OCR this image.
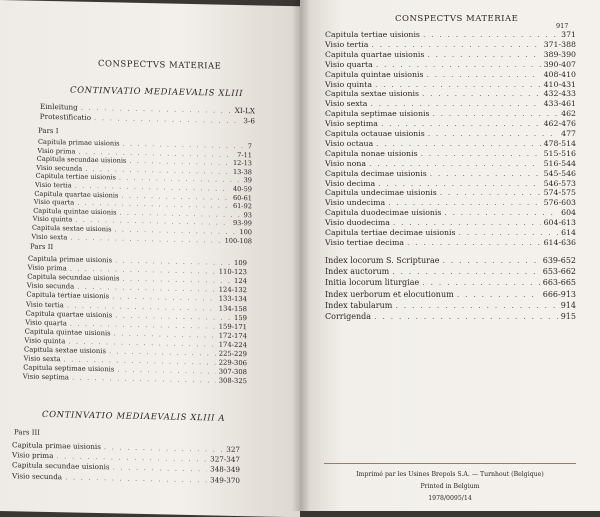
CONSPECTVS MATERIAE
CONTINVATIO MEDIAEVALIS XLIII
Einleitung . . .	XI-LX
Protestificatio . . .	3-6
Pars I
Capitula primae uisionis . . .	7
Visio prima . . .	7-11
Capitula secundae uisionis . . .	12-13
Visio secunda . . .	13-38
Capitula tertiae uisionis . . .	39
Visio tertia . . .	40-59
Capitula quartae uisionis . . .	60-61
Visio quarta . . .	61-92
Capitula quintae uisionis . . .	93
Visio quinta . . .	93-99
Capitula sextae uisionis . . .	100
Visio sexta . . .	100-108
Pars II
Capitula primae uisionis . . .	109
Visio prima . . .	110-123
Capitula secundae uisionis . . .	124
Visio secunda . . .	124-132
Capitula tertiae uisionis . . .	133-134
Visio tertia . . .	134-158
Capitula quartae uisionis . . .	159
Visio quarta . . .	159-171
Capitula quintae uisionis . . .	172-174
Visio quinta . . .	174-224
Capitula sextae uisionis . . .	225-229
Visio sexta . . .	229-306
Capitula septimae uisionis . . .	307-308
Visio septima . . .	308-325
CONTINVATIO MEDIAEVALIS XLIII A
Pars III
Capitula primae uisionis . . .	327
Visio prima . . .	327-347
Capitula secundae uisionis . . .	348-349
Visio secunda . . .	349-370
CONSPECTVS MATERIAE
917
Capitula tertiae uisionis . . .	371
Visio tertia . . .	371-388
Capitula quartae uisionis . . .	389-390
Visio quarta . . .	390-407
Capitula quintae uisionis . . .	408-410
Visio quinta . . .	410-431
Capitula sextae uisionis . . .	432-433
Visio sexta . . .	433-461
Capitula septimae uisionis . . .	462
Visio septima . . .	462-476
Capitula octauae uisionis . . .	477
Visio octaua . . .	478-514
Capitula nonae uisionis . . .	515-516
Visio nona . . .	516-544
Capitula decimae uisionis . . .	545-546
Visio decima . . .	546-573
Capitula undecimae uisionis . . .	574-575
Visio undecima . . .	576-603
Capitula duodecimae uisionis . . .	604
Visio duodecima . . .	604-613
Capitula tertiae decimae uisionis . . .	614
Visio tertiae decima . . .	614-636
Index locorum S. Scripturae . . .	639-652
Index auctorum . . .	653-662
Initia locorum liturgiae . . .	663-665
Index uerborum et elocutionum . . .	666-913
Index tabularum . . .	914
Corrigenda . . .	915
Imprimé par les Usines Brepols S.A. — Turnhout (Belgique)
Printed in Belgium
1978/0095/14
